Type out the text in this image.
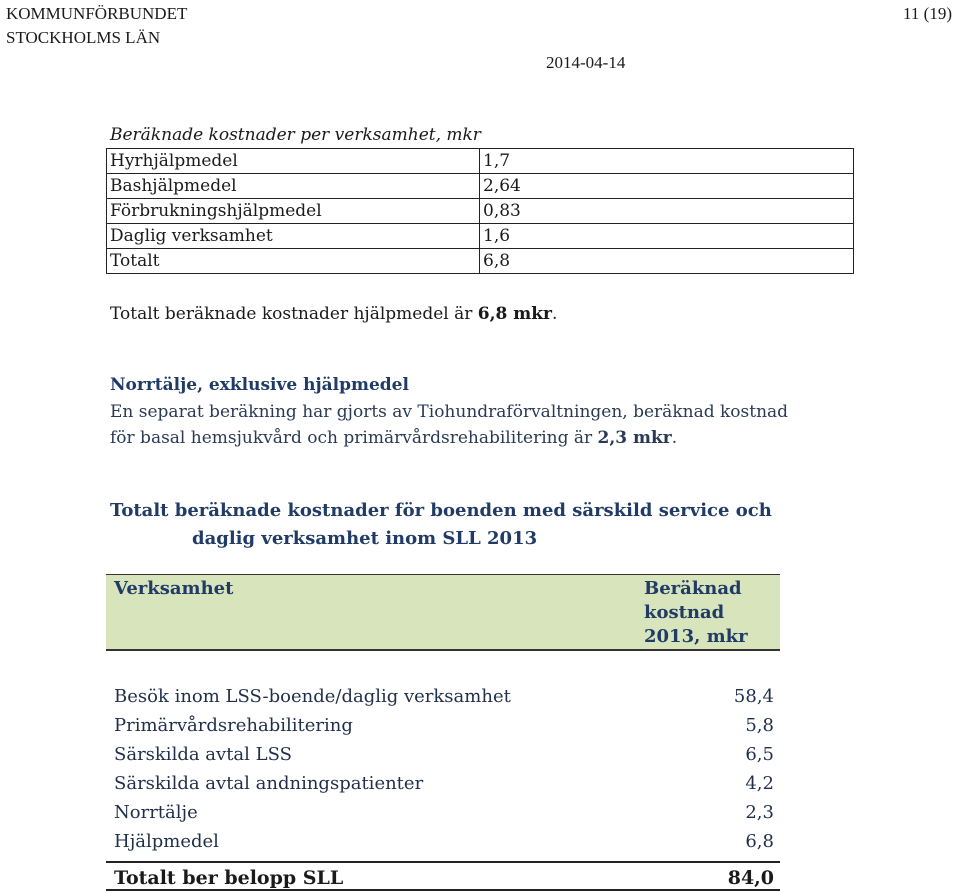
KOMMUNFÖRBUNDET
STOCKHOLMS LÄN
11 (19)
2014-04-14
Beräknade kostnader per verksamhet, mkr
Hyrhjälpmedel	1,7
Bashjälpmedel	2,64
Förbrukningshjälpmedel	0,83
Daglig verksamhet	1,6
Totalt	6,8
Totalt beräknade kostnader hjälpmedel är 6,8 mkr.
Norrtälje, exklusive hjälpmedel
En separat beräkning har gjorts av Tiohundraförvaltningen, beräknad kostnad
för basal hemsjukvård och primärvårdsrehabilitering är 2,3 mkr.
Totalt beräknade kostnader för boenden med särskild service och
daglig verksamhet inom SLL 2013
Verksamhet	Beräknad
kostnad
2013, mkr
Besök inom LSS-boende/daglig verksamhet	58,4
Primärvårdsrehabilitering	5,8
Särskilda avtal LSS	6,5
Särskilda avtal andningspatienter	4,2
Norrtälje	2,3
Hjälpmedel	6,8
Totalt ber belopp SLL	84,0
